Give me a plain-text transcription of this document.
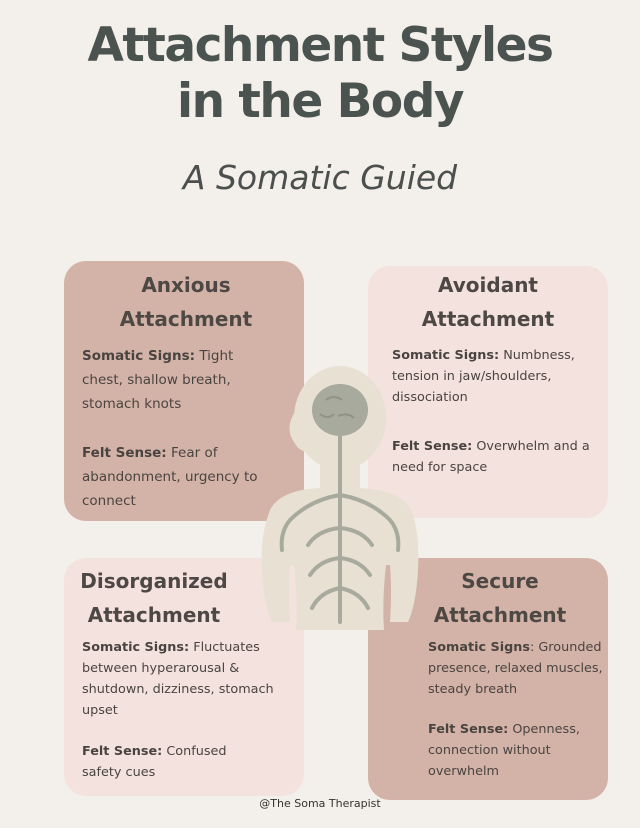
Attachment Styles
in the Body
A Somatic Guied
Anxious
Attachment
Somatic Signs: Tight chest, shallow breath, stomach knots
Felt Sense: Fear of abandonment, urgency to connect
Avoidant
Attachment
Somatic Signs: Numbness, tension in jaw/shoulders, dissociation
Felt Sense: Overwhelm and a need for space
Disorganized
Attachment
Somatic Signs: Fluctuates between hyperarousal & shutdown, dizziness, stomach upset
Felt Sense: Confused safety cues
Secure
Attachment
Somatic Signs: Grounded presence, relaxed muscles, steady breath
Felt Sense: Openness, connection without overwhelm
@The Soma Therapist
